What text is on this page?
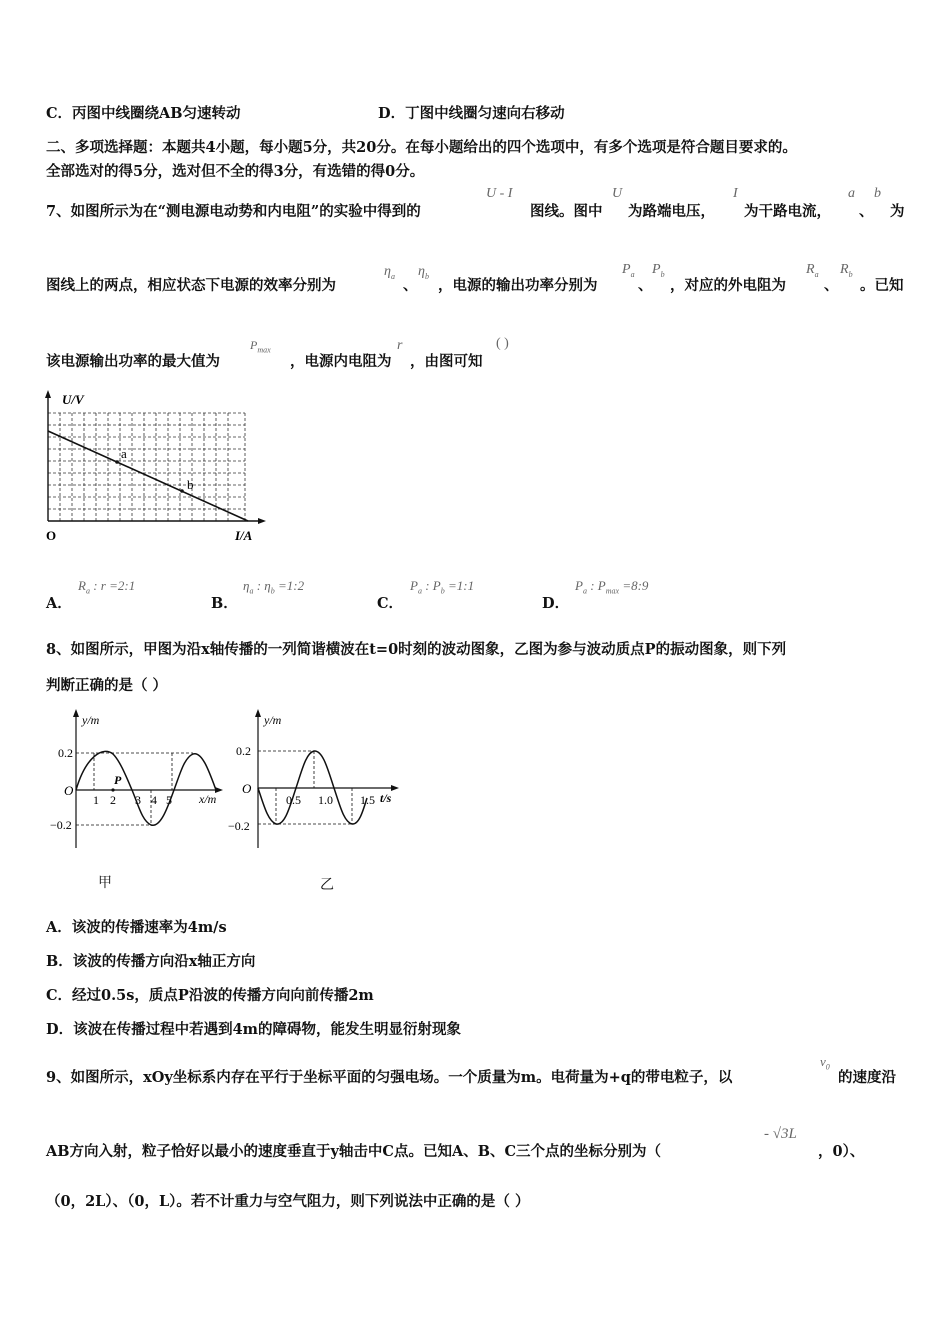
C．丙图中线圈绕AB匀速转动	D．丁图中线圈匀速向右移动
二、多项选择题：本题共4小题，每小题5分，共20分。在每小题给出的四个选项中，有多个选项是符合题目要求的。
全部选对的得5分，选对但不全的得3分，有选错的得0分。
7、如图所示为在“测电源电动势和内电阻”的实验中得到的
U - I
图线。图中
U
为路端电压，
I
为干路电流，
a
、
b
为
图线上的两点，相应状态下电源的效率分别为
$\eta_a$
、
$\eta_b$
，电源的输出功率分别为
$P_a$
、
$P_b$
，对应的外电阻为
$R_a$
、
$R_b$
。已知
该电源输出功率的最大值为
$P_{max}$
，电源内电阻为
r
，由图可知
( )
U/V
I/A
O
a
b
A．
$R_a$ : r =2:1
B．
$\eta_a$ : $\eta_b$ =1:2
C．
$P_a$ : $P_b$ =1:1
D．
$P_a$ : $P_{max}$ =8:9
8、如图所示，甲图为沿x轴传播的一列简谐横波在t=0时刻的波动图象，乙图为参与波动质点P的振动图象，则下列
判断正确的是（ ）
y/m
0.2
−0.2
O
P
1 2 3 4 5 x/m
甲
y/m
0.2
−0.2
O
0.5 1.0 1.5 t/s
乙
A．该波的传播速率为4m/s
B．该波的传播方向沿x轴正方向
C．经过0.5s，质点P沿波的传播方向向前传播2m
D．该波在传播过程中若遇到4m的障碍物，能发生明显衍射现象
9、如图所示，xOy坐标系内存在平行于坐标平面的匀强电场。一个质量为m。电荷量为+q的带电粒子，以
$v_0$
的速度沿
AB方向入射，粒子恰好以最小的速度垂直于y轴击中C点。已知A、B、C三个点的坐标分别为（
- √3L
，0）、
（0，2L）、（0，L）。若不计重力与空气阻力，则下列说法中正确的是（ ）
